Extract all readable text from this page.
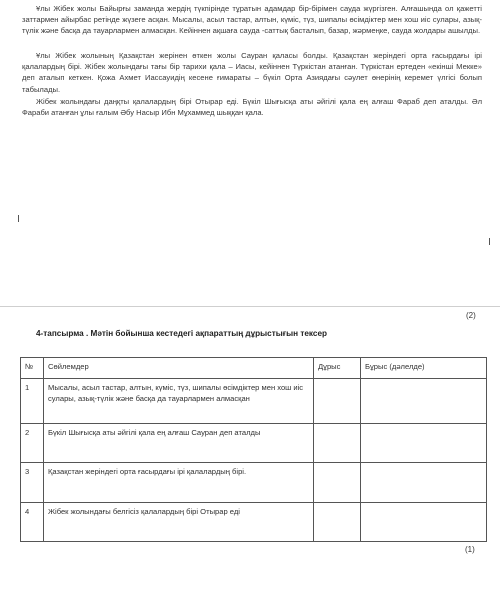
Ұлы Жібек жолы Байырғы заманда жердің түкпірінде тұратын адамдар бір-бірімен сауда жүргізген. Алғашында ол қажетті заттармен айырбас ретінде жүзеге асқан. Мысалы, асыл тастар, алтын, күміс, түз, шипалы өсімдіктер мен хош иіс сулары, азық-түлік және басқа да тауарлармен алмасқан. Кейіннен ақшаға сауда -саттық басталып, базар, жәрмеңке, сауда жолдары ашылды.

Ұлы Жібек жолының Қазақстан жерінен өткен жолы Сауран қаласы болды. Қазақстан жеріндегі орта ғасырдағы ірі қалалардың бірі. Жібек жолындағы тағы бір тарихи қала – Иасы, кейіннен Түркістан атанған. Түркістан ертеден «екінші Мекке» деп аталып кеткен. Қожа Ахмет Иассауидің кесене ғимараты – бүкіл Орта Азиядағы сәулет өнерінің керемет үлгісі болып табылады.

Жібек жолындағы даңқты қалалардың бірі Отырар еді. Бүкіл Шығысқа аты әйгілі қала ең алғаш Фараб деп аталды. Әл Фараби атанған ұлы ғалым Әбу Насыр Ибн Мұхаммед шыққан қала.

(2)
4-тапсырма . Мәтін бойынша кестедегі ақпараттың дұрыстығын тексер
№	Сөйлемдер	Дұрыс	Бұрыс (дәлелде)
1	Мысалы, асыл тастар, алтын, күміс, түз, шипалы өсімдіктер мен хош иіс сулары, азық-түлік және басқа да тауарлармен алмасқан		
2	Бүкіл Шығысқа аты әйгілі қала ең алғаш Сауран деп аталды		
3	Қазақстан жеріндегі орта ғасырдағы ірі қалалардың бірі.		
4	Жібек жолындағы белгісіз қалалардың бірі Отырар еді		
(1)
